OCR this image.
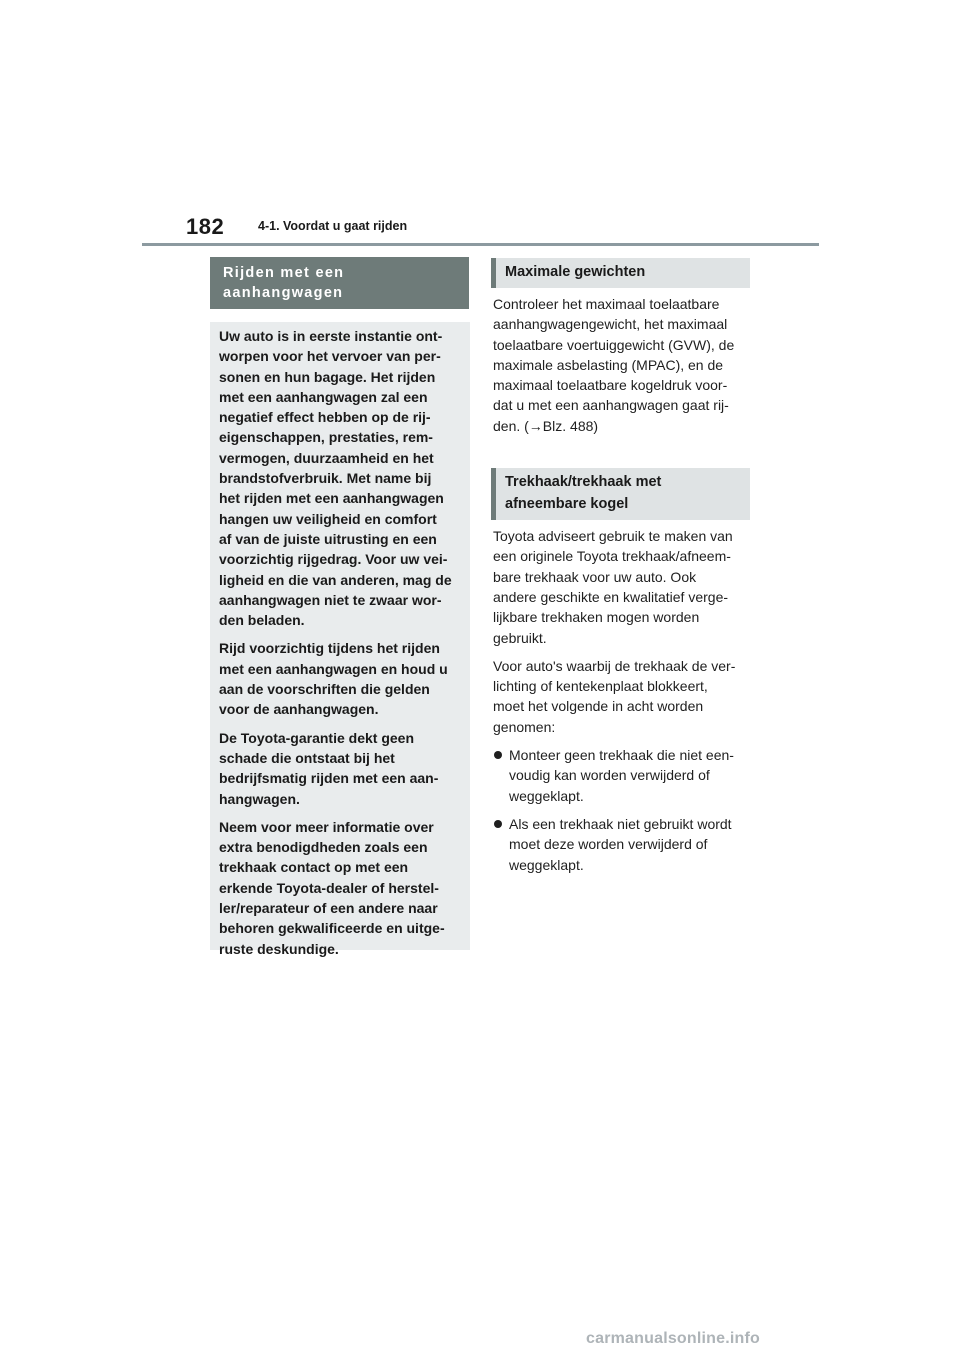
182	4-1. Voordat u gaat rijden
Rijden met een
aanhangwagen

Uw auto is in eerste instantie ont-
worpen voor het vervoer van per-
sonen en hun bagage. Het rijden
met een aanhangwagen zal een
negatief effect hebben op de rij-
eigenschappen, prestaties, rem-
vermogen, duurzaamheid en het
brandstofverbruik. Met name bij
het rijden met een aanhangwagen
hangen uw veiligheid en comfort
af van de juiste uitrusting en een
voorzichtig rijgedrag. Voor uw vei-
ligheid en die van anderen, mag de
aanhangwagen niet te zwaar wor-
den beladen.

Rijd voorzichtig tijdens het rijden
met een aanhangwagen en houd u
aan de voorschriften die gelden
voor de aanhangwagen.

De Toyota-garantie dekt geen
schade die ontstaat bij het
bedrijfsmatig rijden met een aan-
hangwagen.

Neem voor meer informatie over
extra benodigdheden zoals een
trekhaak contact op met een
erkende Toyota-dealer of herstel-
ler/reparateur of een andere naar
behoren gekwalificeerde en uitge-
ruste deskundige.

Maximale gewichten

Controleer het maximaal toelaatbare
aanhangwagengewicht, het maximaal
toelaatbare voertuiggewicht (GVW), de
maximale asbelasting (MPAC), en de
maximaal toelaatbare kogeldruk voor-
dat u met een aanhangwagen gaat rij-
den. (→Blz. 488)

Trekhaak/trekhaak met
afneembare kogel

Toyota adviseert gebruik te maken van
een originele Toyota trekhaak/afneem-
bare trekhaak voor uw auto. Ook
andere geschikte en kwalitatief verge-
lijkbare trekhaken mogen worden
gebruikt.

Voor auto's waarbij de trekhaak de ver-
lichting of kentekenplaat blokkeert,
moet het volgende in acht worden
genomen:

Monteer geen trekhaak die niet een-
voudig kan worden verwijderd of
weggeklapt.
Als een trekhaak niet gebruikt wordt
moet deze worden verwijderd of
weggeklapt.
carmanualsonline.info
